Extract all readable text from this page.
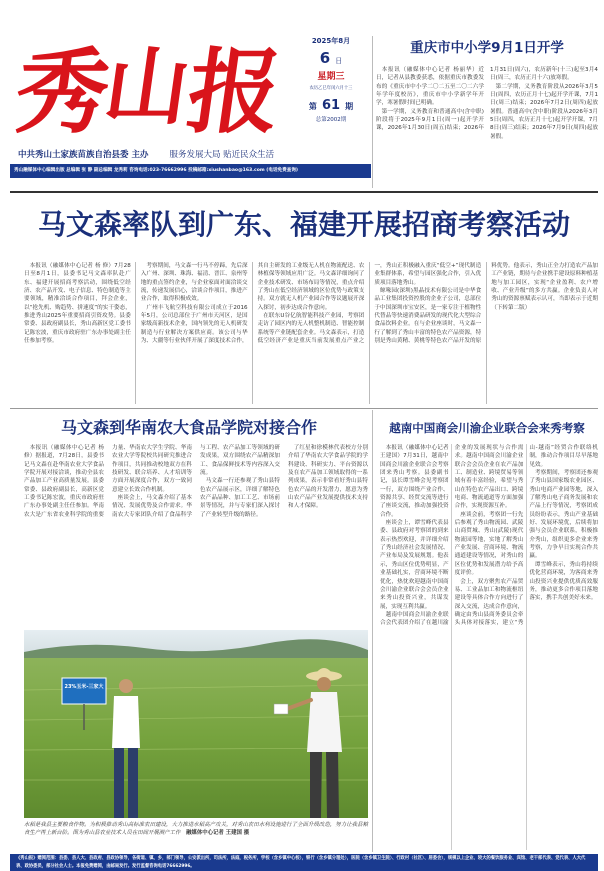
秀
山
报	2025年8月
6 日
星期三
农历乙巳年闰六月十三
第 61 期
总第2002期
中共秀山土家族苗族自治县委 主办 服务发展大局 贴近民众生活
秀山融媒体中心编辑出版 总编辑 张 静 副总编辑 龙秀莉 咨询电话:023-76662996 投稿邮箱:xiushanbao@163.com (电话免费查询)
重庆市中小学9月1日开学

本报讯（融媒体中心记者 杨丽华）近日，记者从县教委获悉，依据重庆市教委发布的《重庆市中小学二〇二五至二〇二六学年学年度校历》，重庆市中小学新学年开学，寒暑假时间已明确。

第一学期，义务教育和普通高中(含中职)阶段将于2025年9月1日(周一)起开学开课，2026年1月30日(周五)结束；2026年1月31日(周六)，农历新年(十三)起至3月4日(周三，农历正月十六)放寒假。

第二学期，义务教育阶段从2026年3月5日(周四，农历正月十七)起开学开课，7月1日(周三)结束；2026年7月2日(周四)起放暑假。普通高中(含中职)阶段从2026年3月5日(周四，农历正月十七)起开学开课，7月8日(周三)结束；2026年7月9日(周四)起放暑假。

马文森率队到广东、福建开展招商考察活动

本报讯（融媒体中心记者 杨 修）7月28日至8月1日，县委书记马文森率队赴广东、福建开展招商考察活动，围绕低空经济、农产品开发、电子信息、特色制造等主要领域，精准洽谈合作项目，拜会企业，以“抢先机、购趋势、拼速度”的实干姿态，推进秀山2025年重要招商引资攻势。县委常委、县政府副县长，秀山高新区党工委书记陈宏波，重庆市政府驻广东办事处副主任任参加考察。

考察期间，马文森一行马不停蹄，先后深入广州、深圳、珠海、福清、晋江、泉州等地的重点签约企业，与企业家面对面洽谈交流，传递发展信心，洽谈合作项目，推进产业合作，取得积极成效。

广州丰飞航空科技有限公司成立于2016年5月，公司总部位于广州市天河区，是国家级高新技术企业，国内领先的无人机研发制造与行业解决方案供应商。该公司与华为、大疆等行业伙伴开展了深度技术合作，其自主研发的工业级无人机在物流配送、农林植保等领域应用广泛。马文森详细询问了企业技术研发、市场布局等情况，重点介绍了秀山在低空经济领域的区位优势与政策支持。双方就无人机产业园合作等议题展开深入探讨，初步达成合作意向。

在联东U谷亿航智能科技产业园，考察团走访了园区内的无人机整机制造、智能控制系统等产业链配套企业。马文森表示，打造低空经济产业是重庆当前发展重点产业之一，秀山正积极融入重庆“低空+”现代制造业集群体系，希望与园区强化合作，引入优质项目落地秀山。

鲸喙园(深圳)黑晶技术有限公司是中华食品工业集团投资控股的企业子公司，总部位于中国深圳市宝安区，是一家专注于植物性代替品等快速消费品研发的现代化大型综合食品饮料企业。在与企业座谈时，马文森一行了解到了秀山丰富的特色农产品资源，特别是秀山黄精、黄桃等特色农产品开发的原料优势。他表示，秀山正全力打造农产品加工产业链，期待与企业携手建设原料种植基地与加工园区，实现“企业盈利、农户增收、产业升级”的多方共赢。企业负责人对秀山的资源禀赋表示认可，当即表示于近期（下转第二版）

马文森到华南农大食品学院对接合作

本报讯（融媒体中心记者 杨 修）据报道，7月28日，县委书记马文森在赴华南农业大学食品学院开展对接洽谈，推动全县农产品加工产业高质量发展。县委常委、县政府副县长，高新区党工委书记陈宏波，重庆市政府驻广东办事处副主任任参加。华南农大是广东省农业科学院的重要力量、华南农大学生学院、华南农业大学等院校共同研究推进合作项目，共同推动校地双方在科技研发、联合培养、人才培训等方面开展深度合作，双方一致同意建立长效合作机制。

座谈会上，马文森介绍了基本情况、发展优势及合作需求。华南农大专家团队介绍了食品科学与工程、农产品加工等领域的研发成果，双方围绕农产品精深加工、食品保鲜技术等内容深入交流。

马文森一行还参观了秀山县特色农产品展示区，详细了解特色农产品品种、加工工艺、市场前景等情况，并与专家们深入探讨了产业转型升级的路径。

了红星和徐模林代表校方分别介绍了华南农大学食品学院的学科建设、科研实力、平台资源以及在农产品加工领域取得的一系列成果，表示非常看好秀山县特色农产品的开发潜力，愿意为秀山农产品产业发展提供技术支持和人才保障。

23%玉米-三家大
水稻是我县主要粮食作物。为积极推动秀山高标准农田建设，大力推进水稻高产攻关，对秀山农田水利设施进行了全面升级改造，努力让我县粮食生产再上新台阶。图为秀山县农业技术人员在田间开展测产工作 融媒体中心记者 王建国 摄
越南中国商会川渝企业联合会来秀考察

本报讯（融媒体中心记者 王建国）7月31日，越南中国商会川渝企业联合会考察团来秀山考察。县委副书记，县长谭雪峰会见考察团一行，双方围绕产业合作、资源共享、经贸交流等进行了座谈交流，推动加强投资合作。

座谈会上，谭雪峰代表县委、县政府对考察团的到来表示热烈欢迎，并详细介绍了秀山经济社会发展情况、产业布局及发展规划。他表示，秀山区位优势明显，产业基础扎实，营商环境不断优化，热忱欢迎越南中国商会川渝企业联合会会员企业来秀山投资兴业，共谋发展，实现互利共赢。

越南中国商会川渝企业联合会代表团介绍了在越川渝企业的发展现状与合作需求。越南中国商会川渝企业联合会会员企业在农产品加工、制造业、跨境贸易等领域有着丰富经验，希望与秀山在特色农产品出口、跨境电商、物流通道等方面加强合作，实现资源互补。

座谈会前，考察团一行先后参观了秀山物流园、武陵山商贸城、秀山(武陵)现代物流园等地，实地了解秀山产业发展、营商环境、物流通道建设等情况，对秀山的区位优势和发展潜力给予高度评价。

会上，双方聚焦农产品贸易、工业品加工和物流枢纽建设等具体合作方向进行了深入交流，达成合作意向，确定由秀山县商务委员会牵头具体对接落实，建立“秀山-越南”经贸合作联络机制，推动合作项目尽早落地见效。

考察期间，考察团还参观了秀山县国家级农业园区、秀山电商产业园等地，深入了解秀山电子商务发展和农产品上行等情况，考察团成员纷纷表示，秀山产业基础好、发展环境优，后续将加强与会员企业联系，积极推介秀山，组织更多企业来秀考察，力争早日实现合作共赢。

谭雪峰表示，秀山将持续优化营商环境，为客商来秀山投资兴业提供优质高效服务，推动更多合作项目落地落实，携手共创美好未来。

《秀山报》赠阅范围：县委、县人大、县政府、县政协领导，各街道、镇、乡，部门领导，公安派出所，司法所，法庭，税务所，学校（含乡镇中心校），银行（含乡镇分理处），医院（含乡镇卫生院）、行政村（社区）、居委会），规模以上企业、较大的餐饮服务业、宾馆、老干部代表、党代表、人大代表、政协委员，部分社会人士。本报免费赠阅，由邮局发行。发行监督咨询电话76662996。
